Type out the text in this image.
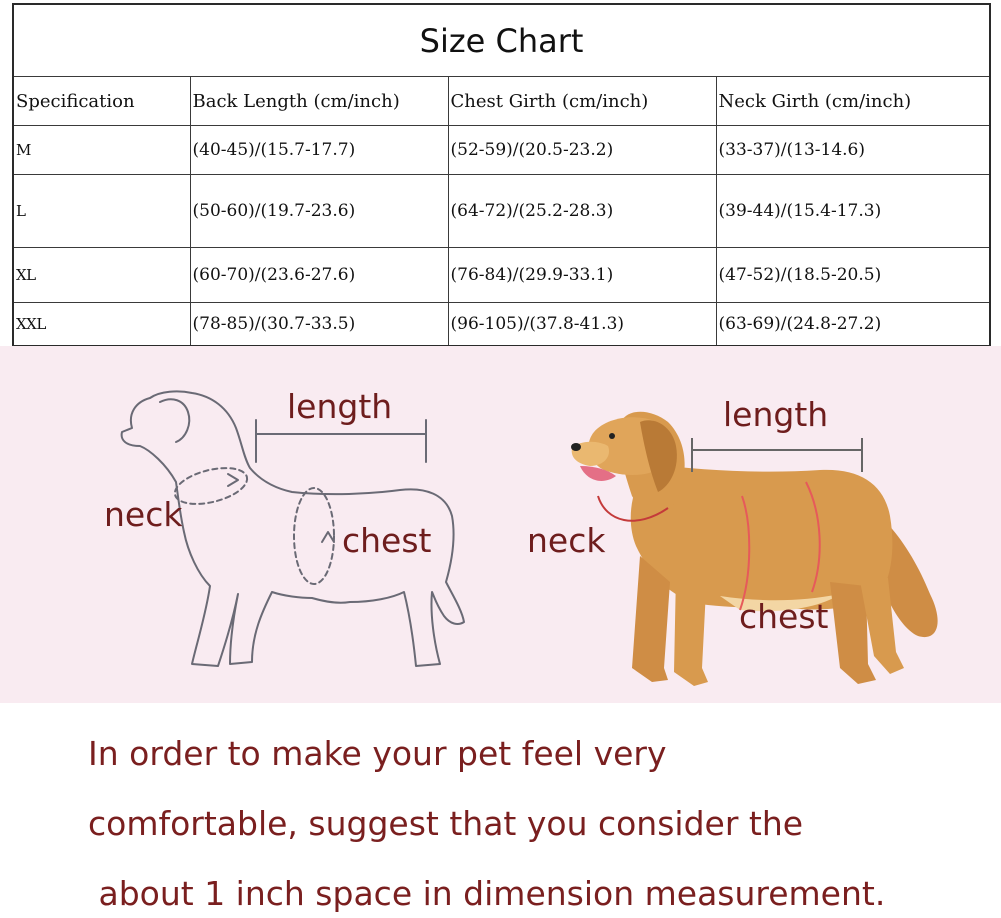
Size Chart			
Specification	Back Length (cm/inch)	Chest Girth (cm/inch)	Neck Girth (cm/inch)
M	(40-45)/(15.7-17.7)	(52-59)/(20.5-23.2)	(33-37)/(13-14.6)
L	(50-60)/(19.7-23.6)	(64-72)/(25.2-28.3)	(39-44)/(15.4-17.3)
XL	(60-70)/(23.6-27.6)	(76-84)/(29.9-33.1)	(47-52)/(18.5-20.5)
XXL	(78-85)/(30.7-33.5)	(96-105)/(37.8-41.3)	(63-69)/(24.8-27.2)
length
neck
chest
length
neck
chest
In order to make your pet feel very
comfortable, suggest that you consider the
about 1 inch space in dimension measurement.
